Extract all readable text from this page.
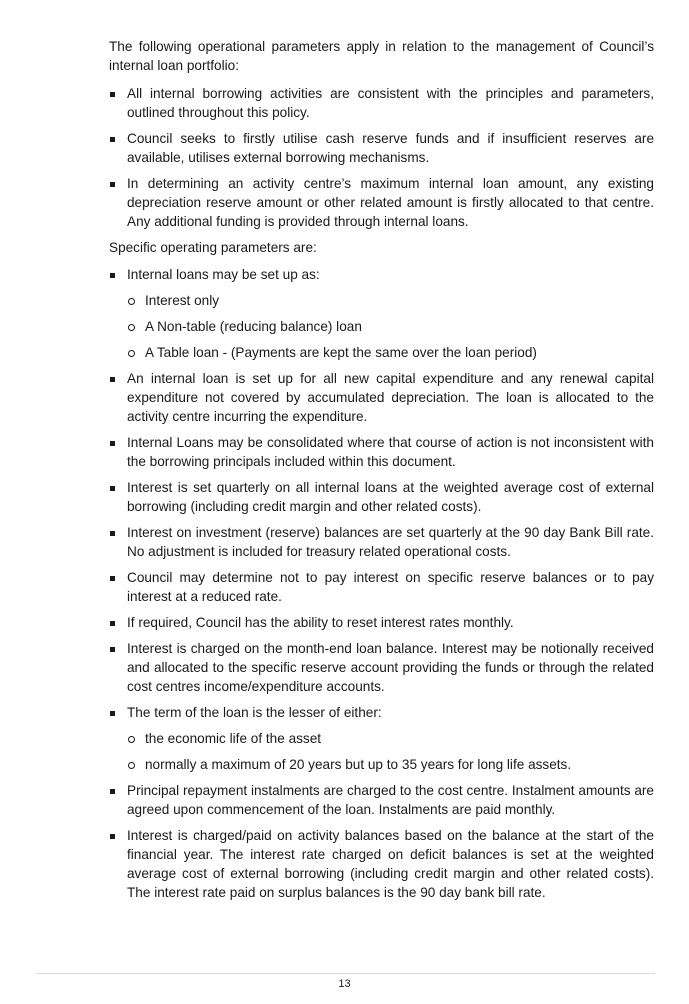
The following operational parameters apply in relation to the management of Council’s internal loan portfolio:

All internal borrowing activities are consistent with the principles and parameters, outlined throughout this policy.
Council seeks to firstly utilise cash reserve funds and if insufficient reserves are available, utilises external borrowing mechanisms.
In determining an activity centre’s maximum internal loan amount, any existing depreciation reserve amount or other related amount is firstly allocated to that centre. Any additional funding is provided through internal loans.

Specific operating parameters are:

Internal loans may be set up as:
Interest only
A Non-table (reducing balance) loan
A Table loan - (Payments are kept the same over the loan period)
An internal loan is set up for all new capital expenditure and any renewal capital expenditure not covered by accumulated depreciation. The loan is allocated to the activity centre incurring the expenditure.
Internal Loans may be consolidated where that course of action is not inconsistent with the borrowing principals included within this document.
Interest is set quarterly on all internal loans at the weighted average cost of external borrowing (including credit margin and other related costs).
Interest on investment (reserve) balances are set quarterly at the 90 day Bank Bill rate. No adjustment is included for treasury related operational costs.
Council may determine not to pay interest on specific reserve balances or to pay interest at a reduced rate.
If required, Council has the ability to reset interest rates monthly.
Interest is charged on the month-end loan balance. Interest may be notionally received and allocated to the specific reserve account providing the funds or through the related cost centres income/expenditure accounts.
The term of the loan is the lesser of either:
the economic life of the asset
normally a maximum of 20 years but up to 35 years for long life assets.
Principal repayment instalments are charged to the cost centre. Instalment amounts are agreed upon commencement of the loan. Instalments are paid monthly.
Interest is charged/paid on activity balances based on the balance at the start of the financial year. The interest rate charged on deficit balances is set at the weighted average cost of external borrowing (including credit margin and other related costs). The interest rate paid on surplus balances is the 90 day bank bill rate.
13
